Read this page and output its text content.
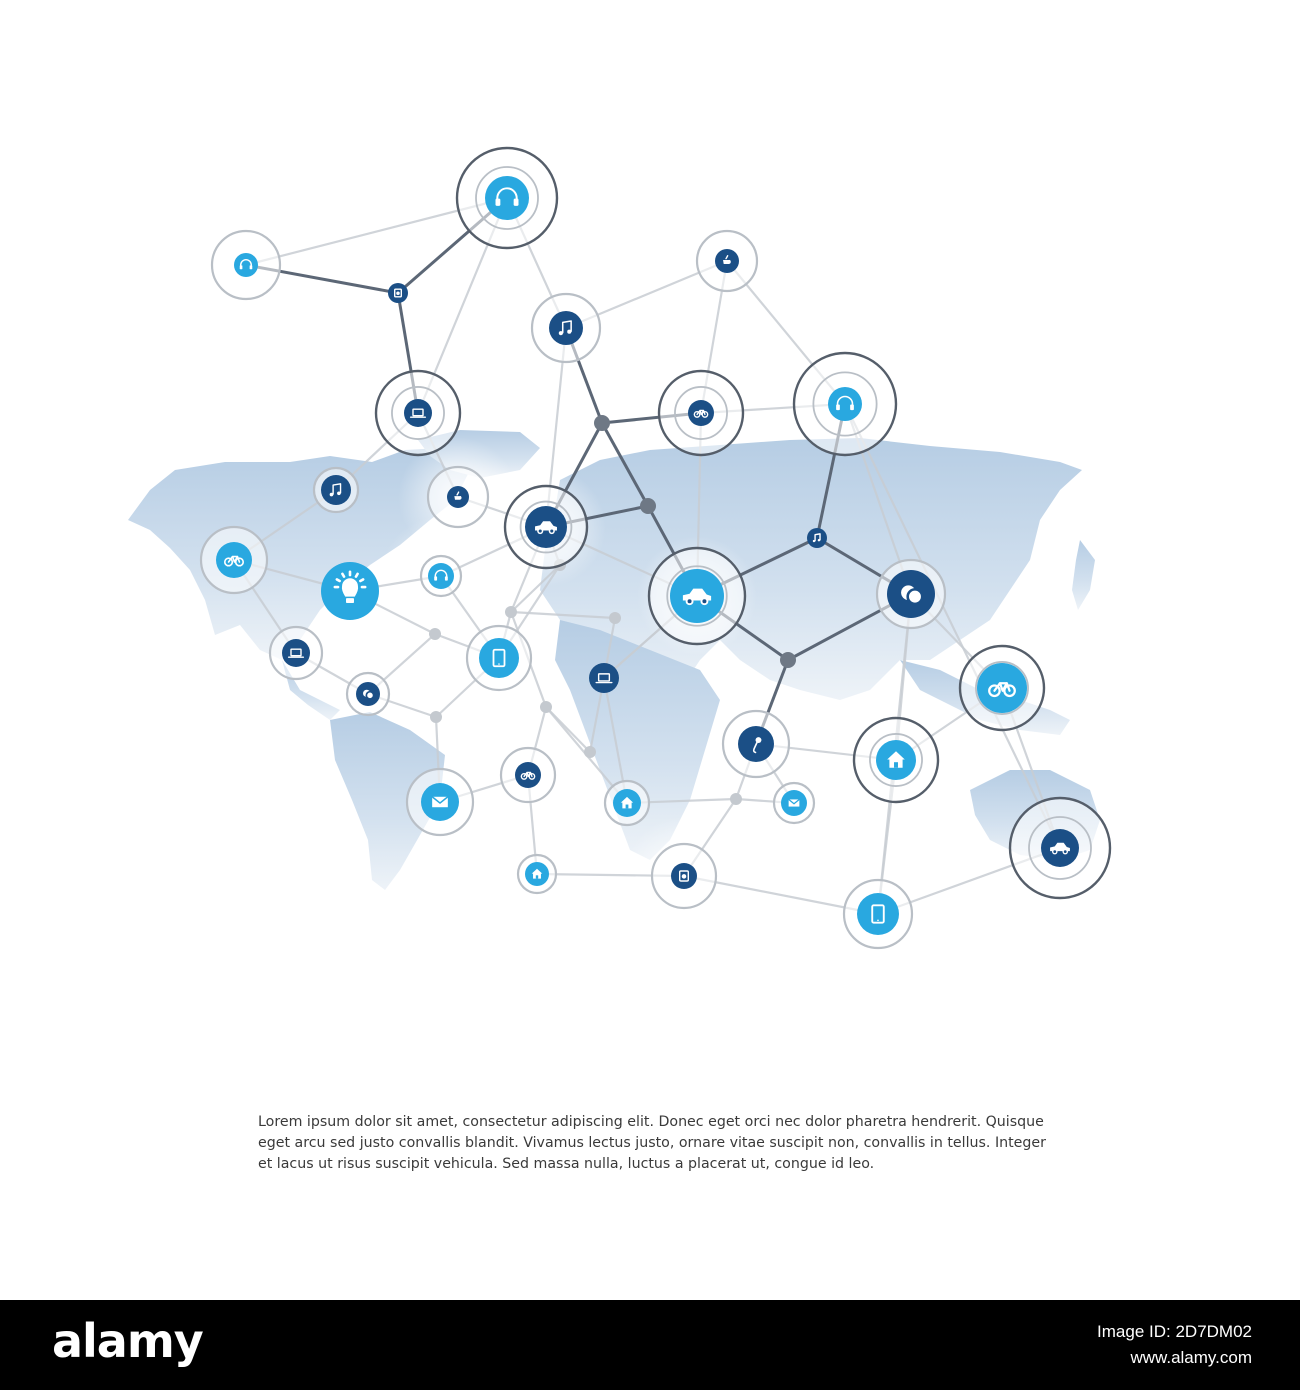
Lorem ipsum dolor sit amet, consectetur adipiscing elit. Donec eget orci nec dolor pharetra hendrerit. Quisque eget arcu sed justo convallis blandit. Vivamus lectus justo, ornare vitae suscipit non, convallis in tellus. Integer et lacus ut risus suscipit vehicula. Sed massa nulla, luctus a placerat ut, congue id leo.

alamy	Image ID: 2D7DM02
www.alamy.com
